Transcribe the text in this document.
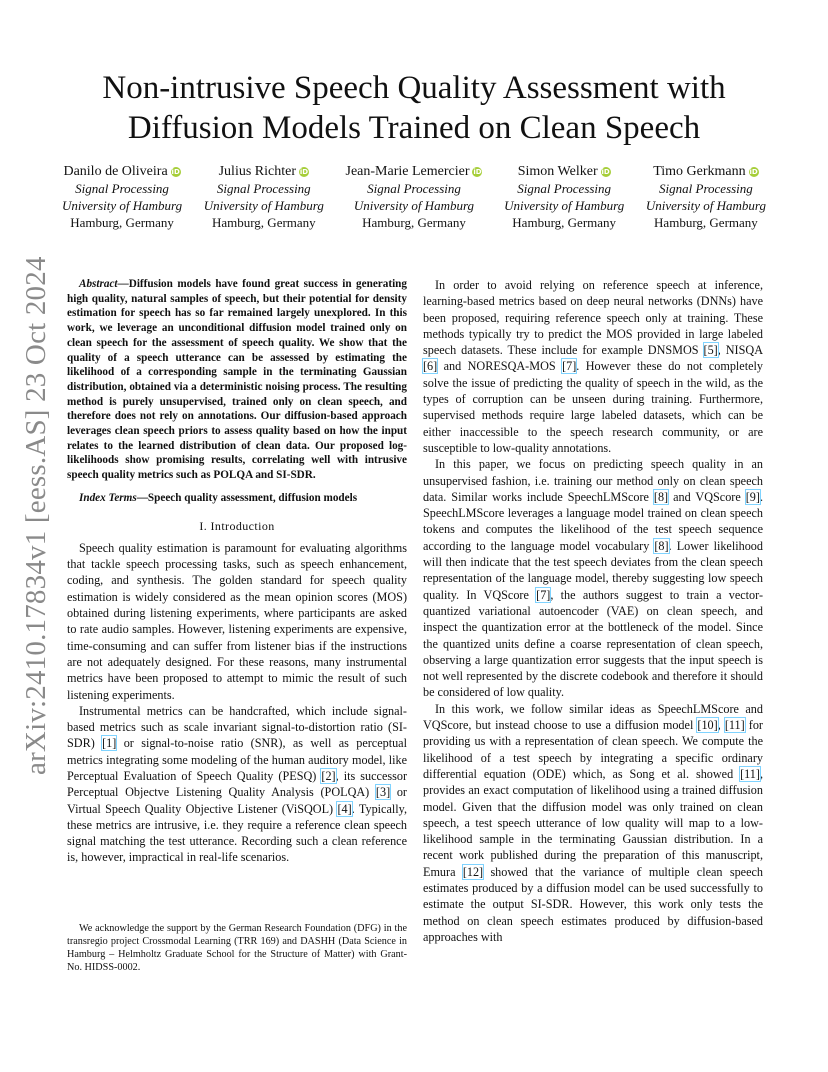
arXiv:2410.17834v1 [eess.AS] 23 Oct 2024
Non-intrusive Speech Quality Assessment with
Diffusion Models Trained on Clean Speech
Danilo de Oliveira iD
Signal Processing
University of Hamburg
Hamburg, Germany
Julius Richter iD
Signal Processing
University of Hamburg
Hamburg, Germany
Jean-Marie Lemercier iD
Signal Processing
University of Hamburg
Hamburg, Germany
Simon Welker iD
Signal Processing
University of Hamburg
Hamburg, Germany
Timo Gerkmann iD
Signal Processing
University of Hamburg
Hamburg, Germany

Abstract—Diffusion models have found great success in generating high quality, natural samples of speech, but their potential for density estimation for speech has so far remained largely unexplored. In this work, we leverage an unconditional diffusion model trained only on clean speech for the assessment of speech quality. We show that the quality of a speech utterance can be assessed by estimating the likelihood of a corresponding sample in the terminating Gaussian distribution, obtained via a deterministic noising process. The resulting method is purely unsupervised, trained only on clean speech, and therefore does not rely on annotations. Our diffusion-based approach leverages clean speech priors to assess quality based on how the input relates to the learned distribution of clean data. Our proposed log-likelihoods show promising results, correlating well with intrusive speech quality metrics such as POLQA and SI-SDR.

Index Terms—Speech quality assessment, diffusion models

I. Introduction

Speech quality estimation is paramount for evaluating algorithms that tackle speech processing tasks, such as speech enhancement, coding, and synthesis. The golden standard for speech quality estimation is widely considered as the mean opinion scores (MOS) obtained during listening experiments, where participants are asked to rate audio samples. However, listening experiments are expensive, time-consuming and can suffer from listener bias if the instructions are not adequately designed. For these reasons, many instrumental metrics have been proposed to attempt to mimic the result of such listening experiments.

Instrumental metrics can be handcrafted, which include signal-based metrics such as scale invariant signal-to-distortion ratio (SI-SDR) [1] or signal-to-noise ratio (SNR), as well as perceptual metrics integrating some modeling of the human auditory model, like Perceptual Evaluation of Speech Quality (PESQ) [2], its successor Perceptual Objectve Listening Quality Analysis (POLQA) [3] or Virtual Speech Quality Objective Listener (ViSQOL) [4]. Typically, these metrics are intrusive, i.e. they require a reference clean speech signal matching the test utterance. Recording such a clean reference is, however, impractical in real-life scenarios.

We acknowledge the support by the German Research Foundation (DFG) in the transregio project Crossmodal Learning (TRR 169) and DASHH (Data Science in Hamburg – Helmholtz Graduate School for the Structure of Matter) with Grant-No. HIDSS-0002.

In order to avoid relying on reference speech at inference, learning-based metrics based on deep neural networks (DNNs) have been proposed, requiring reference speech only at training. These methods typically try to predict the MOS provided in large labeled speech datasets. These include for example DNSMOS [5], NISQA [6] and NORESQA-MOS [7]. However these do not completely solve the issue of predicting the quality of speech in the wild, as the types of corruption can be unseen during training. Furthermore, supervised methods require large labeled datasets, which can be either inaccessible to the speech research community, or are susceptible to low-quality annotations.

In this paper, we focus on predicting speech quality in an unsupervised fashion, i.e. training our method only on clean speech data. Similar works include SpeechLMScore [8] and VQScore [9]. SpeechLMScore leverages a language model trained on clean speech tokens and computes the likelihood of the test speech sequence according to the language model vocabulary [8]. Lower likelihood will then indicate that the test speech deviates from the clean speech representation of the language model, thereby suggesting low speech quality. In VQScore [7], the authors suggest to train a vector-quantized variational autoencoder (VAE) on clean speech, and inspect the quantization error at the bottleneck of the model. Since the quantized units define a coarse representation of clean speech, observing a large quantization error suggests that the input speech is not well represented by the discrete codebook and therefore it should be considered of low quality.

In this work, we follow similar ideas as SpeechLMScore and VQScore, but instead choose to use a diffusion model [10], [11] for providing us with a representation of clean speech. We compute the likelihood of a test speech by integrating a specific ordinary differential equation (ODE) which, as Song et al. showed [11], provides an exact computation of likelihood using a trained diffusion model. Given that the diffusion model was only trained on clean speech, a test speech utterance of low quality will map to a low-likelihood sample in the terminating Gaussian distribution. In a recent work published during the preparation of this manuscript, Emura [12] showed that the variance of multiple clean speech estimates produced by a diffusion model can be used successfully to estimate the output SI-SDR. However, this work only tests the method on clean speech estimates produced by diffusion-based approaches with
